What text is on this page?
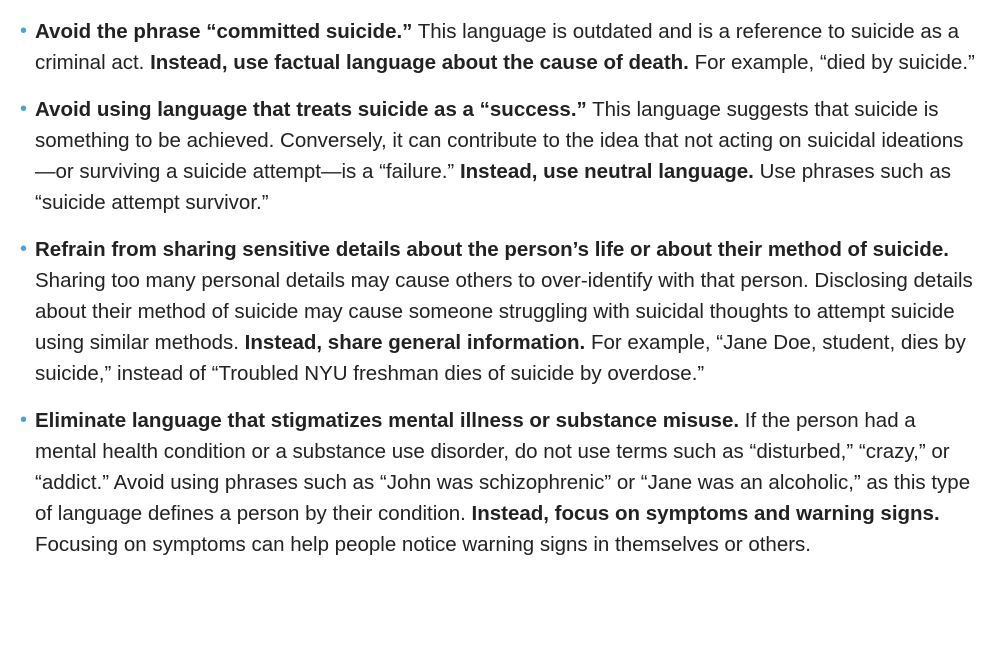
• Avoid the phrase “committed suicide.” This language is outdated and is a reference to suicide as a criminal act. Instead, use factual language about the cause of death. For example, “died by suicide.”
• Avoid using language that treats suicide as a “success.” This language suggests that suicide is something to be achieved. Conversely, it can contribute to the idea that not acting on suicidal ideations—or surviving a suicide attempt—is a “failure.” Instead, use neutral language. Use phrases such as “suicide attempt survivor.”
• Refrain from sharing sensitive details about the person’s life or about their method of suicide. Sharing too many personal details may cause others to over-identify with that person. Disclosing details about their method of suicide may cause someone struggling with suicidal thoughts to attempt suicide using similar methods. Instead, share general information. For example, “Jane Doe, student, dies by suicide,” instead of “Troubled NYU freshman dies of suicide by overdose.”
• Eliminate language that stigmatizes mental illness or substance misuse. If the person had a mental health condition or a substance use disorder, do not use terms such as “disturbed,” “crazy,” or “addict.” Avoid using phrases such as “John was schizophrenic” or “Jane was an alcoholic,” as this type of language defines a person by their condition. Instead, focus on symptoms and warning signs. Focusing on symptoms can help people notice warning signs in themselves or others.
